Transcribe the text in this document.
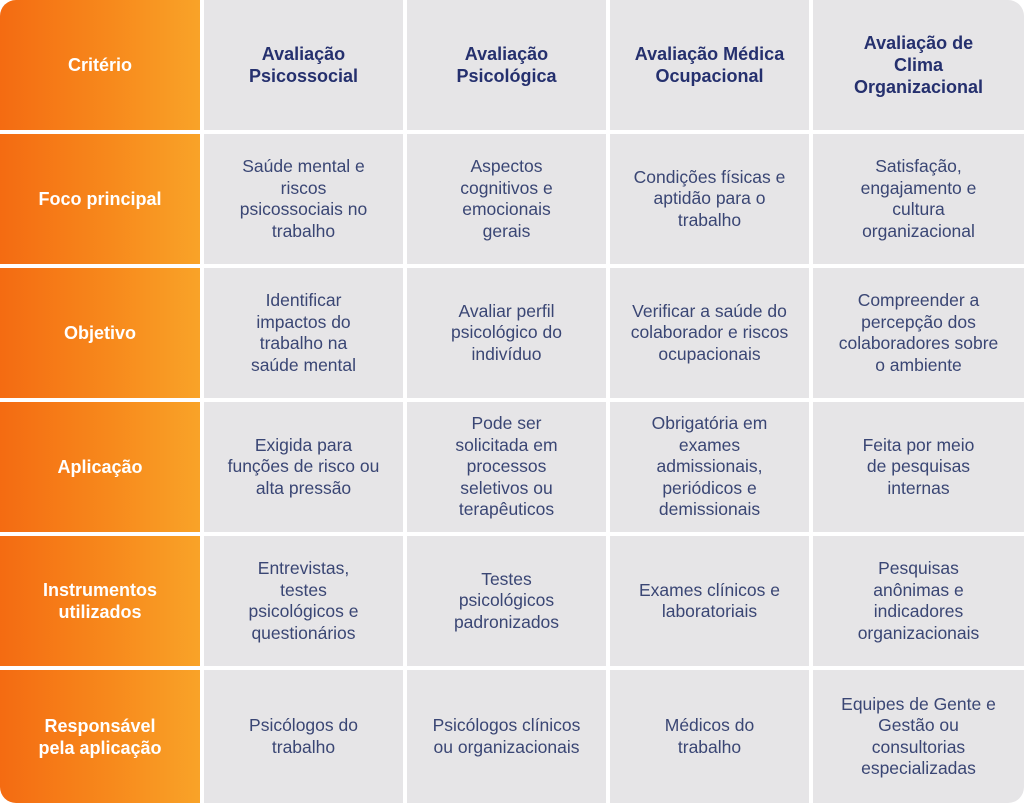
Critério
Avaliação Psicossocial
Avaliação Psicológica
Avaliação Médica Ocupacional
Avaliação de Clima Organizacional
Foco principal
Saúde mental e riscos psicossociais no trabalho
Aspectos cognitivos e emocionais gerais
Condições físicas e aptidão para o trabalho
Satisfação, engajamento e cultura organizacional
Objetivo
Identificar impactos do trabalho na saúde mental
Avaliar perfil psicológico do indivíduo
Verificar a saúde do colaborador e riscos ocupacionais
Compreender a percepção dos colaboradores sobre o ambiente
Aplicação
Exigida para funções de risco ou alta pressão
Pode ser solicitada em processos seletivos ou terapêuticos
Obrigatória em exames admissionais, periódicos e demissionais
Feita por meio de pesquisas internas
Instrumentos utilizados
Entrevistas, testes psicológicos e questionários
Testes psicológicos padronizados
Exames clínicos e laboratoriais
Pesquisas anônimas e indicadores organizacionais
Responsável pela aplicação
Psicólogos do trabalho
Psicólogos clínicos ou organizacionais
Médicos do trabalho
Equipes de Gente e Gestão ou consultorias especializadas
